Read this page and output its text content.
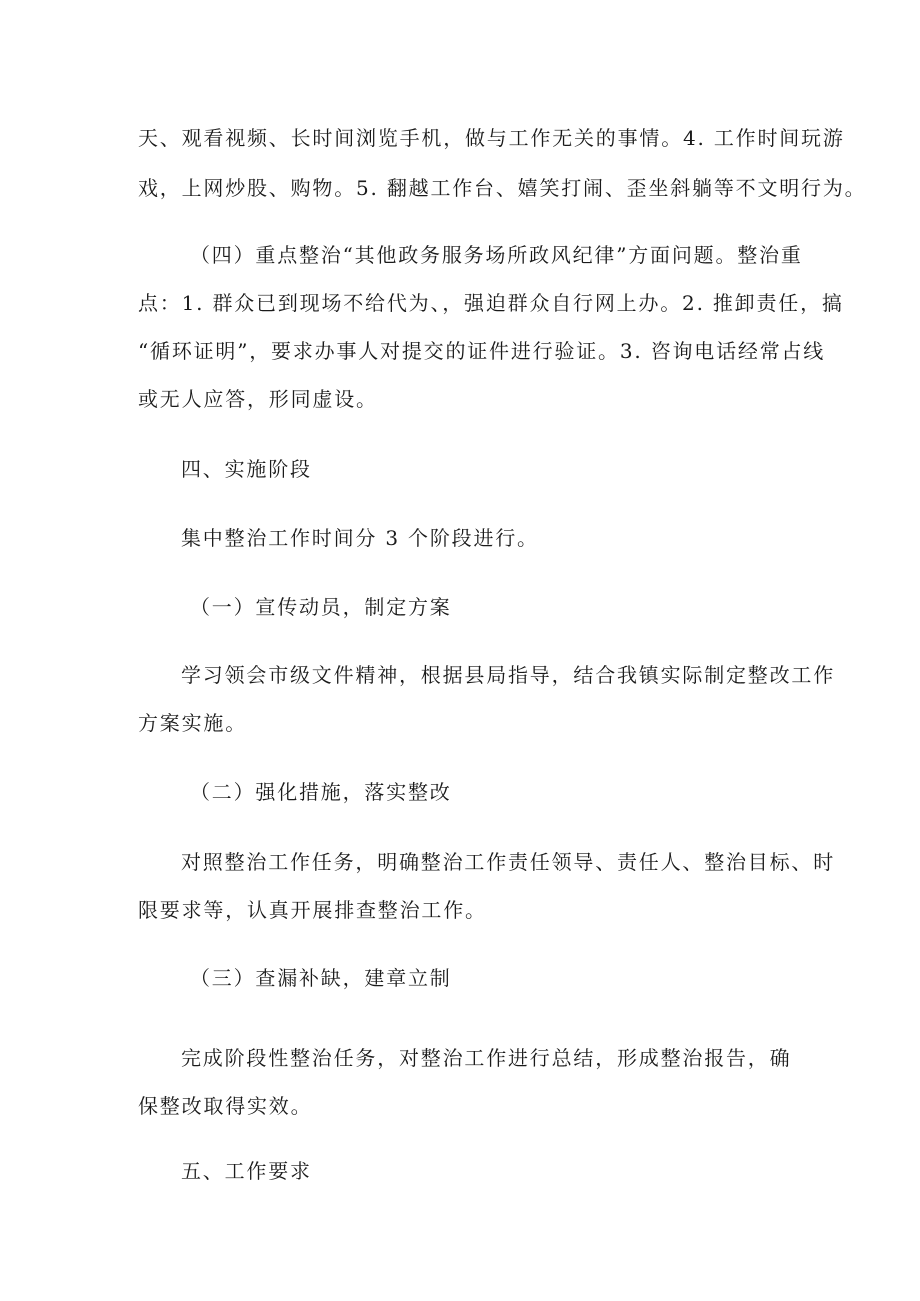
天、观看视频、长时间浏览手机，做与工作无关的事情。4. 工作时间玩游
戏，上网炒股、购物。5. 翻越工作台、嬉笑打闹、歪坐斜躺等不文明行为。
（四）重点整治“其他政务服务场所政风纪律”方面问题。整治重
点：1. 群众已到现场不给代为、，强迫群众自行网上办。2. 推卸责任，搞
“循环证明”，要求办事人对提交的证件进行验证。3. 咨询电话经常占线
或无人应答，形同虚设。
四、实施阶段
集中整治工作时间分 3 个阶段进行。
（一）宣传动员，制定方案
学习领会市级文件精神，根据县局指导，结合我镇实际制定整改工作
方案实施。
（二）强化措施，落实整改
对照整治工作任务，明确整治工作责任领导、责任人、整治目标、时
限要求等，认真开展排查整治工作。
（三）查漏补缺，建章立制
完成阶段性整治任务，对整治工作进行总结，形成整治报告，确
保整改取得实效。
五、工作要求
